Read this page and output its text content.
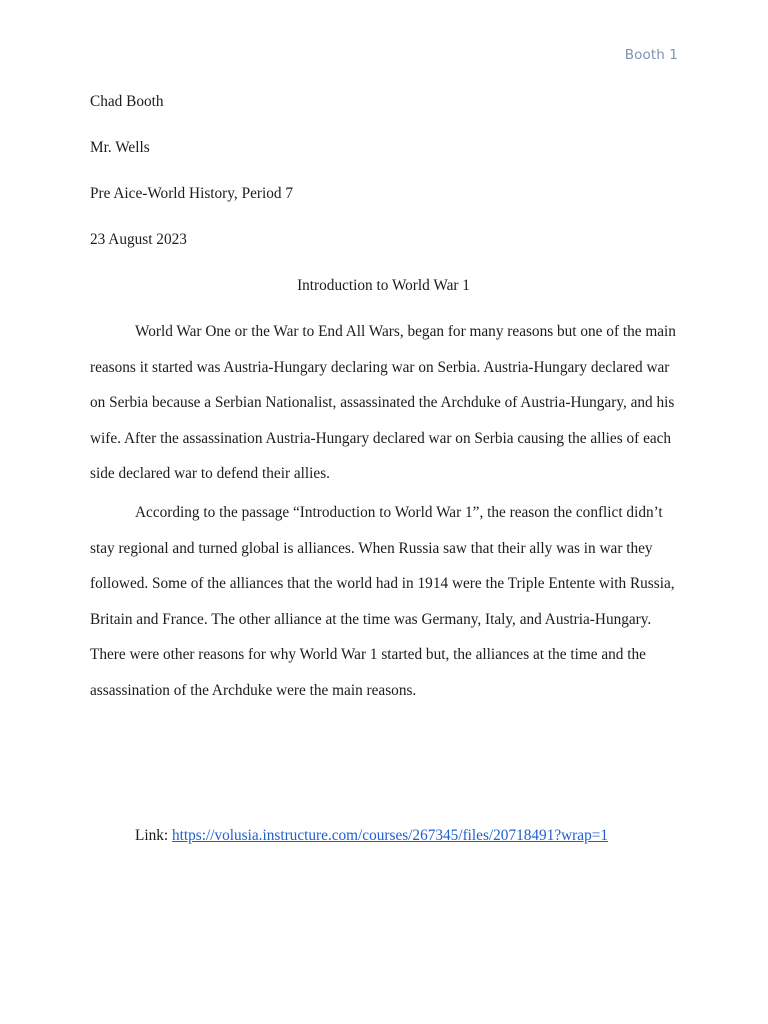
Booth 1
Chad Booth
Mr. Wells
Pre Aice-World History, Period 7
23 August 2023
Introduction to World War 1

World War One or the War to End All Wars, began for many reasons but one of the main reasons it started was Austria-Hungary declaring war on Serbia. Austria-Hungary declared war on Serbia because a Serbian Nationalist, assassinated the Archduke of Austria-Hungary, and his wife. After the assassination Austria-Hungary declared war on Serbia causing the allies of each side declared war to defend their allies.

According to the passage “Introduction to World War 1”, the reason the conflict didn’t stay regional and turned global is alliances. When Russia saw that their ally was in war they followed. Some of the alliances that the world had in 1914 were the Triple Entente with Russia, Britain and France. The other alliance at the time was Germany, Italy, and Austria-Hungary. There were other reasons for why World War 1 started but, the alliances at the time and the assassination of the Archduke were the main reasons.

Link: https://volusia.instructure.com/courses/267345/files/20718491?wrap=1
